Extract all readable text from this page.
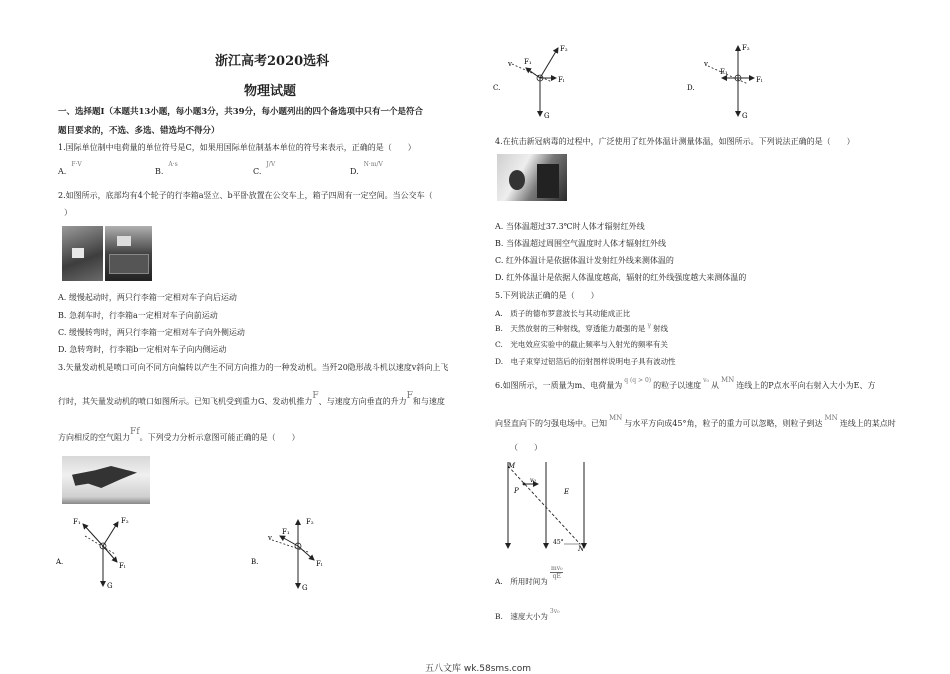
浙江高考2020选科
物理试题
一、选择题Ⅰ（本题共13小题，每小题3分，共39分，每小题列出的四个备选项中只有一个是符合
题目要求的，不选、多选、错选均不得分）
1.国际单位制中电荷量的单位符号是C，如果用国际单位制基本单位的符号来表示，正确的是（　　）
A.$^{F\cdot V}$
B.$^{A\cdot s}$
C.$^{J/V}$
D.$^{N\cdot m/V}$
2.如图所示，底部均有4个轮子的行李箱a竖立、b平卧放置在公交车上，箱子四周有一定空间。当公交车（
）
A. 缓慢起动时，两只行李箱一定相对车子向后运动
B. 急刹车时，行李箱a一定相对车子向前运动
C. 缓慢转弯时，两只行李箱一定相对车子向外侧运动
D. 急转弯时，行李箱b一定相对车子向内侧运动
3.矢量发动机是喷口可向不同方向偏转以产生不同方向推力的一种发动机。当歼20隐形战斗机以速度v斜向上飞
行时，其矢量发动机的喷口如图所示。已知飞机受到重力G、发动机推力F、与速度方向垂直的升力F和与速度
方向相反的空气阻力Ff。下列受力分析示意图可能正确的是（　　）
F₁	F₂
Fₗ
G
A.
v
F₂
F₁
Fₗ
G
B.
v
F₂
F₁
Fₗ
G
C.
v
F₂
F₁
Fₗ
G
D.
4.在抗击新冠病毒的过程中，广泛使用了红外体温计测量体温，如图所示。下列说法正确的是（　　）
A. 当体温超过37.3℃时人体才辐射红外线
B. 当体温超过周围空气温度时人体才辐射红外线
C. 红外体温计是依据体温计发射红外线来测体温的
D. 红外体温计是依据人体温度越高，辐射的红外线强度越大来测体温的
5.下列说法正确的是（　　）
A.　质子的德布罗意波长与其动能成正比
B.　天然放射的三种射线，穿透能力最强的是 $^\gamma$ 射线
C.　光电效应实验中的截止频率与入射光的频率有关
D.　电子束穿过铝箔后的衍射图样说明电子具有波动性
6.如图所示，一质量为m、电荷量为$^{q (q > 0)}$的粒子以速度$^{v_0}$从MN连线上的P点水平向右射入大小为E、方
向竖直向下的匀强电场中。已知MN与水平方向成45°角，粒子的重力可以忽略，则粒子到达MN连线上的某点时
（　　）
M
P
v₀
E
45°
N
A.　所用时间为
mv₀
qE
B.　速度大小为$^{3v_0}$
五八文库 wk.58sms.com
